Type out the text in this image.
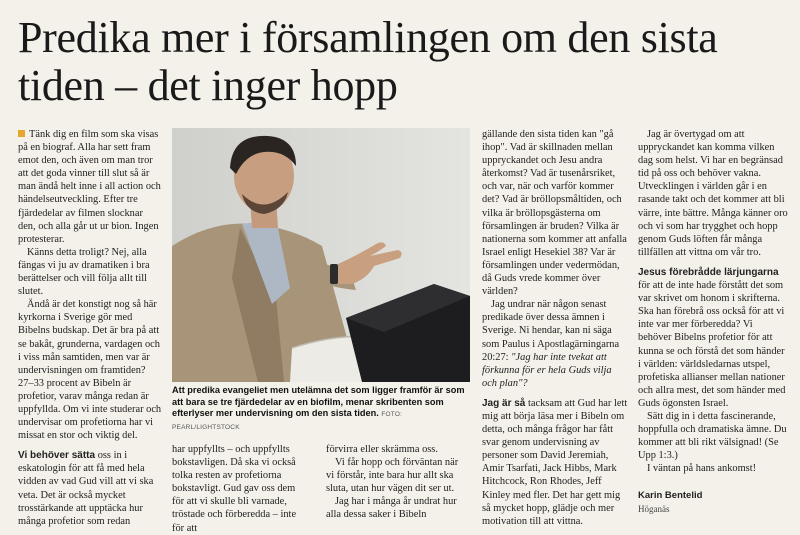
Predika mer i församlingen om den sista tiden – det inger hopp

Tänk dig en film som ska visas på en biograf. Alla har sett fram emot den, och även om man tror att det goda vinner till slut så är man ändå helt inne i all action och händelseutveckling. Efter tre fjärdedelar av filmen slocknar den, och alla går ut ur bion. Ingen protesterar.

Känns detta troligt? Nej, alla fängas vi ju av dramatiken i bra berättelser och vill följa allt till slutet.

Ändå är det konstigt nog så här kyrkorna i Sverige gör med Bibelns budskap. Det är bra på att se bakåt, grunderna, vardagen och i viss mån samtiden, men var är undervisningen om framtiden? 27–33 procent av Bibeln är profetior, varav många redan är uppfyllda. Om vi inte studerar och undervisar om profetiorna har vi missat en stor och viktig del.

Vi behöver sätta oss in i eskatologin för att få med hela vidden av vad Gud vill att vi ska veta. Det är också mycket trosstärkande att upptäcka hur många profetior som redan

Att predika evangeliet men utelämna det som ligger framför är som att bara se tre fjärdedelar av en biofilm, menar skribenten som efterlyser mer undervisning om den sista tiden. FOTO: PEARL/LIGHTSTOCK

har uppfyllts – och uppfyllts bokstavligen. Då ska vi också tolka resten av profetiorna bokstavligt. Gud gav oss dem för att vi skulle bli varnade, tröstade och förberedda – inte för att

förvirra eller skrämma oss.

Vi får hopp och förväntan när vi förstår, inte bara hur allt ska sluta, utan hur vägen dit ser ut.

Jag har i många år undrat hur alla dessa saker i Bibeln

gällande den sista tiden kan "gå ihop". Vad är skillnaden mellan uppryckandet och Jesu andra återkomst? Vad är tusenårsriket, och var, när och varför kommer det? Vad är bröllopsmåltiden, och vilka är bröllopsgästerna om församlingen är bruden? Vilka är nationerna som kommer att anfalla Israel enligt Hesekiel 38? Var är församlingen under vedermödan, då Guds vrede kommer över världen?

Jag undrar när någon senast predikade över dessa ämnen i Sverige. Ni hendar, kan ni säga som Paulus i Apostlagärningarna 20:27: "Jag har inte tvekat att förkunna för er hela Guds vilja och plan"?

Jag är så tacksam att Gud har lett mig att börja läsa mer i Bibeln om detta, och många frågor har fått svar genom undervisning av personer som David Jeremiah, Amir Tsarfati, Jack Hibbs, Mark Hitchcock, Ron Rhodes, Jeff Kinley med fler. Det har gett mig så mycket hopp, glädje och mer motivation till att vittna.

Jag är övertygad om att uppryckandet kan komma vilken dag som helst. Vi har en begränsad tid på oss och behöver vakna. Utvecklingen i världen går i en rasande takt och det kommer att bli värre, inte bättre. Många känner oro och vi som har trygghet och hopp genom Guds löften får många tillfällen att vittna om vår tro.

Jesus förebrådde lärjungarna för att de inte hade förstått det som var skrivet om honom i skrifterna. Ska han förebrå oss också för att vi inte var mer förberedda? Vi behöver Bibelns profetior för att kunna se och förstå det som händer i världen: världsledarnas utspel, profetiska allianser mellan nationer och allra mest, det som händer med Guds ögonsten Israel.

Sätt dig in i detta fascinerande, hoppfulla och dramatiska ämne. Du kommer att bli rikt välsignad! (Se Upp 1:3.)

I väntan på hans ankomst!

Karin Bentelid
Höganäs
